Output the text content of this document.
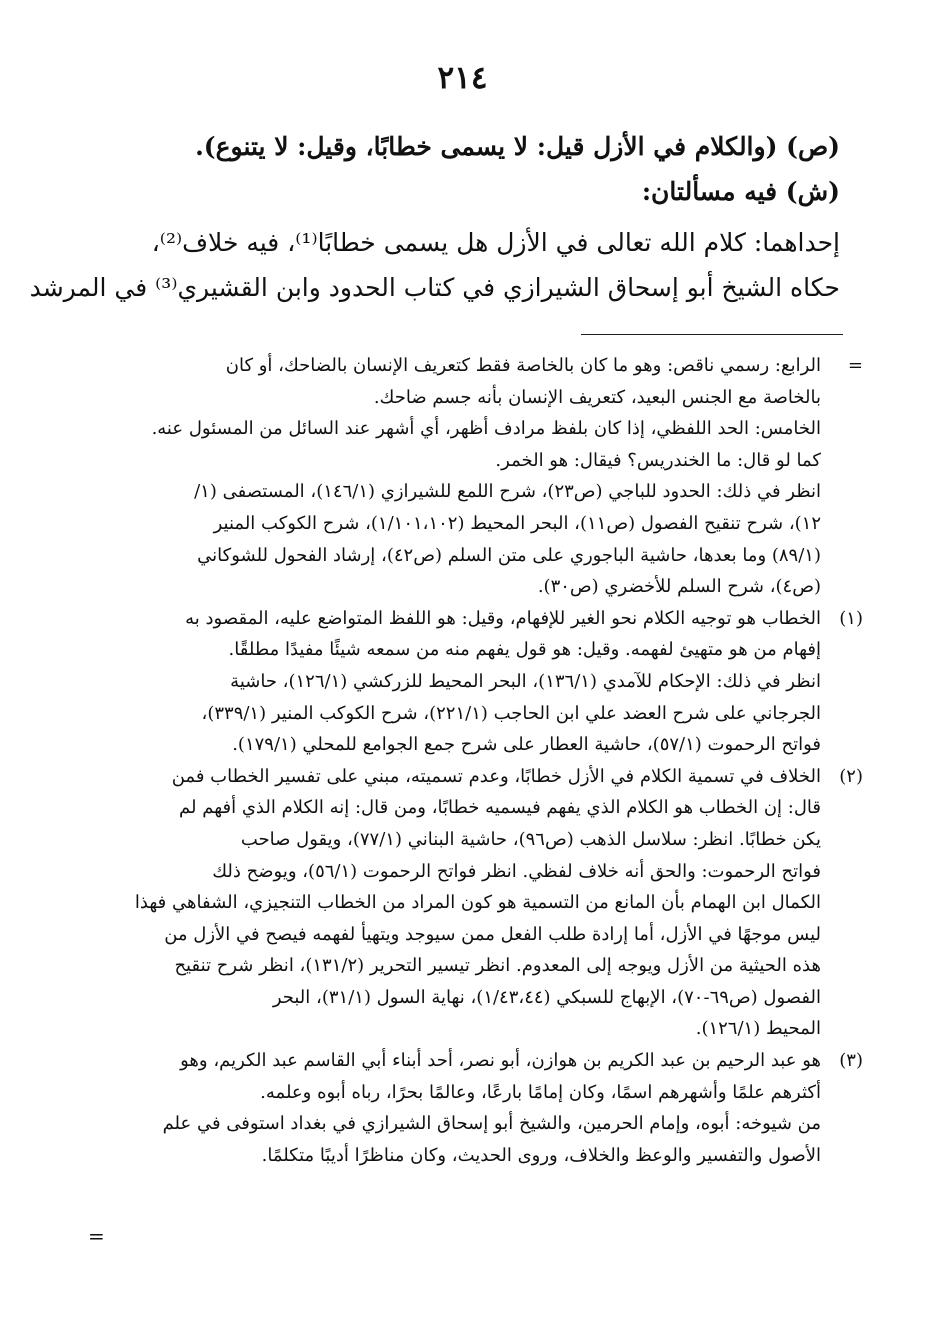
٢١٤
(ص) (والكلام في الأزل قيل: لا يسمى خطابًا، وقيل: لا يتنوع).
(ش) فيه مسألتان:
إحداهما: كلام الله تعالى في الأزل هل يسمى خطابًا⁽¹⁾، فيه خلاف⁽²⁾،
حكاه الشيخ أبو إسحاق الشيرازي في كتاب الحدود وابن القشيري⁽³⁾ في المرشد
=
الرابع: رسمي ناقص: وهو ما كان بالخاصة فقط كتعريف الإنسان بالضاحك، أو كان
بالخاصة مع الجنس البعيد، كتعريف الإنسان بأنه جسم ضاحك.
الخامس: الحد اللفظي، إذا كان بلفظ مرادف أظهر، أي أشهر عند السائل من المسئول عنه.
كما لو قال: ما الخندريس؟ فيقال: هو الخمر.
انظر في ذلك: الحدود للباجي (ص٢٣)، شرح اللمع للشيرازي (١٤٦/١)، المستصفى (١/
١٢)، شرح تنقيح الفصول (ص١١)، البحر المحيط (١/١٠١،١٠٢)، شرح الكوكب المنير
(٨٩/١) وما بعدها، حاشية الباجوري على متن السلم (ص٤٢)، إرشاد الفحول للشوكاني
(ص٤)، شرح السلم للأخضري (ص٣٠).
(١)
الخطاب هو توجيه الكلام نحو الغير للإفهام، وقيل: هو اللفظ المتواضع عليه، المقصود به
إفهام من هو متهيئ لفهمه. وقيل: هو قول يفهم منه من سمعه شيئًا مفيدًا مطلقًا.
انظر في ذلك: الإحكام للآمدي (١٣٦/١)، البحر المحيط للزركشي (١٢٦/١)، حاشية
الجرجاني على شرح العضد علي ابن الحاجب (٢٢١/١)، شرح الكوكب المنير (٣٣٩/١)،
فواتح الرحموت (٥٧/١)، حاشية العطار على شرح جمع الجوامع للمحلي (١٧٩/١).
(٢)
الخلاف في تسمية الكلام في الأزل خطابًا، وعدم تسميته، مبني على تفسير الخطاب فمن
قال: إن الخطاب هو الكلام الذي يفهم فيسميه خطابًا، ومن قال: إنه الكلام الذي أفهم لم
يكن خطابًا. انظر: سلاسل الذهب (ص٩٦)، حاشية البناني (٧٧/١)، ويقول صاحب
فواتح الرحموت: والحق أنه خلاف لفظي. انظر فواتح الرحموت (٥٦/١)، ويوضح ذلك
الكمال ابن الهمام بأن المانع من التسمية هو كون المراد من الخطاب التنجيزي، الشفاهي فهذا
ليس موجهًا في الأزل، أما إرادة طلب الفعل ممن سيوجد ويتهيأ لفهمه فيصح في الأزل من
هذه الحيثية من الأزل ويوجه إلى المعدوم. انظر تيسير التحرير (١٣١/٢)، انظر شرح تنقيح
الفصول (ص٦٩-٧٠)، الإبهاج للسبكي (١/٤٣،٤٤)، نهاية السول (٣١/١)، البحر
المحيط (١٢٦/١).
(٣)
هو عبد الرحيم بن عبد الكريم بن هوازن، أبو نصر، أحد أبناء أبي القاسم عبد الكريم، وهو
أكثرهم علمًا وأشهرهم اسمًا، وكان إمامًا بارعًا، وعالمًا بحرًا، رباه أبوه وعلمه.
من شيوخه: أبوه، وإمام الحرمين، والشيخ أبو إسحاق الشيرازي في بغداد استوفى في علم
الأصول والتفسير والوعظ والخلاف، وروى الحديث، وكان مناظرًا أديبًا متكلمًا.
=
